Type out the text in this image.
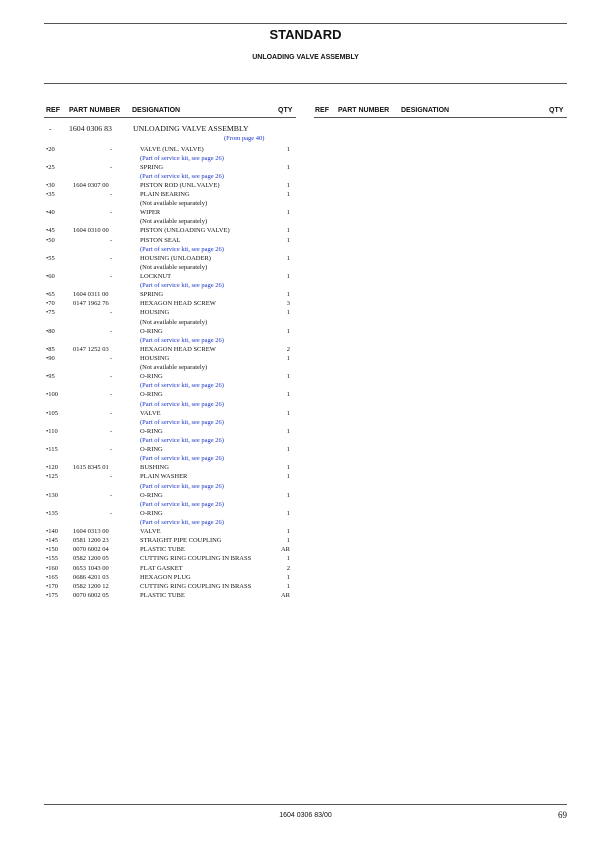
STANDARD
UNLOADING VALVE ASSEMBLY
REF PART NUMBER DESIGNATION	QTY	REF PART NUMBER DESIGNATION	QTY
- 1604 0306 83	UNLOADING VALVE ASSEMBLY
(From page 40)
•20	-	VALVE (UNL. VALVE)	1
(Part of service kit, see page 26)
•25	-	SPRING	1
(Part of service kit, see page 26)
•30	1604 0307 00	PISTON ROD (UNL.VALVE)	1
•35	-	PLAIN BEARING	1
(Not available separately)
•40	-	WIPER	1
(Not available separately)
•45	1604 0310 00	PISTON (UNLOADING VALVE)	1
•50	-	PISTON SEAL	1
(Part of service kit, see page 26)
•55	-	HOUSING (UNLOADER)	1
(Not available separately)
•60	-	LOCKNUT	1
(Part of service kit, see page 26)
•65	1604 0311 00	SPRING	1
•70	0147 1962 76	HEXAGON HEAD SCREW	3
•75	-	HOUSING	1
(Not available separately)
•80	-	O-RING	1
(Part of service kit, see page 26)
•85	0147 1252 03	HEXAGON HEAD SCREW	2
•90	-	HOUSING	1
(Not available separately)
•95	-	O-RING	1
(Part of service kit, see page 26)
•100	-	O-RING	1
(Part of service kit, see page 26)
•105	-	VALVE	1
(Part of service kit, see page 26)
•110	-	O-RING	1
(Part of service kit, see page 26)
•115	-	O-RING	1
(Part of service kit, see page 26)
•120 1615 8345 01	BUSHING	1
•125	-	PLAIN WASHER	1
(Part of service kit, see page 26)
•130	-	O-RING	1
(Part of service kit, see page 26)
•135	-	O-RING	1
(Part of service kit, see page 26)
•140 1604 0313 00	VALVE	1
•145 0581 1200 23	STRAIGHT PIPE COUPLING	1
•150 0070 6002 04	PLASTIC TUBE	AR
•155 0582 1200 05	CUTTING RING COUPLING IN BRASS	1
•160 0653 1043 00	FLAT GASKET	2
•165 0686 4201 03	HEXAGON PLUG	1
•170 0582 1200 12	CUTTING RING COUPLING IN BRASS	1
•175 0070 6002 05	PLASTIC TUBE	AR
1604 0306 83/00	69
